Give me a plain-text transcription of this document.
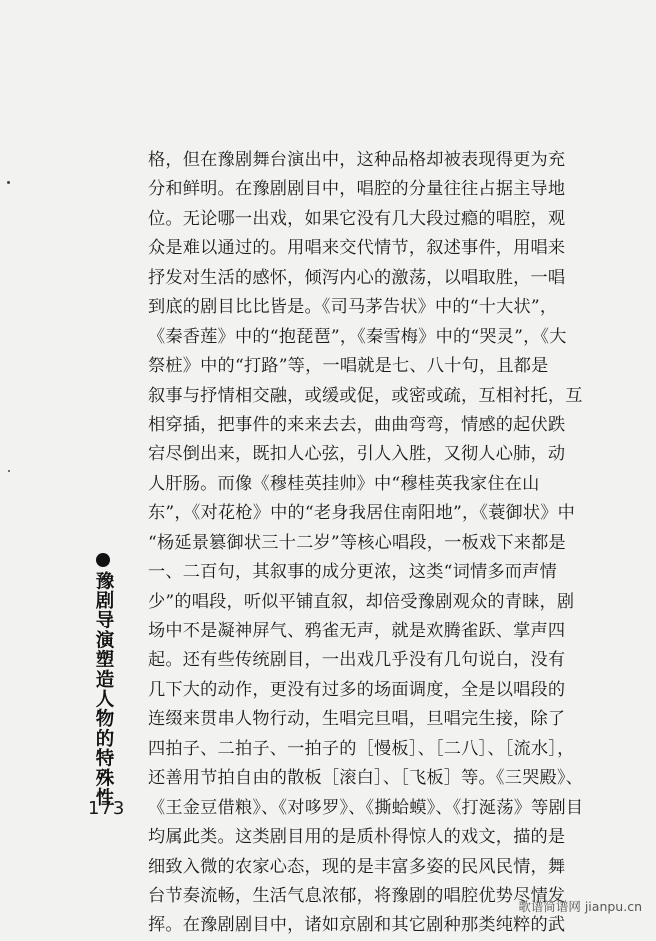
格，但在豫剧舞台演出中，这种品格却被表现得更为充
分和鲜明。在豫剧剧目中，唱腔的分量往往占据主导地
位。无论哪一出戏，如果它没有几大段过瘾的唱腔，观
众是难以通过的。用唱来交代情节，叙述事件，用唱来
抒发对生活的感怀，倾泻内心的激荡，以唱取胜，一唱
到底的剧目比比皆是。《司马茅告状》中的“十大状”，
《秦香莲》中的“抱琵琶”，《秦雪梅》中的“哭灵”，《大
祭桩》中的“打路”等，一唱就是七、八十句，且都是
叙事与抒情相交融，或缓或促，或密或疏，互相衬托，互
相穿插，把事件的来来去去，曲曲弯弯，情感的起伏跌
宕尽倒出来，既扣人心弦，引人入胜，又彻人心肺，动
人肝肠。而像《穆桂英挂帅》中“穆桂英我家住在山
东”，《对花枪》中的“老身我居住南阳地”，《蓑御状》中
“杨延景篡御状三十二岁”等核心唱段，一板戏下来都是
一、二百句，其叙事的成分更浓，这类“词情多而声情
少”的唱段，听似平铺直叙，却倍受豫剧观众的青睐，剧
场中不是凝神屏气、鸦雀无声，就是欢腾雀跃、掌声四
起。还有些传统剧目，一出戏几乎没有几句说白，没有
几下大的动作，更没有过多的场面调度，全是以唱段的
连缀来贯串人物行动，生唱完旦唱，旦唱完生接，除了
四拍子、二拍子、一拍子的［慢板］、［二八］、［流水］，
还善用节拍自由的散板［滚白］、［飞板］等。《三哭殿》、
《王金豆借粮》、《对哆罗》、《撕蛤蟆》、《打涎荡》等剧目
均属此类。这类剧目用的是质朴得惊人的戏文，描的是
细致入微的农家心态，现的是丰富多姿的民风民情，舞
台节奏流畅，生活气息浓郁，将豫剧的唱腔优势尽情发
挥。在豫剧剧目中，诸如京剧和其它剧种那类纯粹的武
豫剧导演塑造人物的特殊性
173
歌谱简谱网 jianpu.cn
